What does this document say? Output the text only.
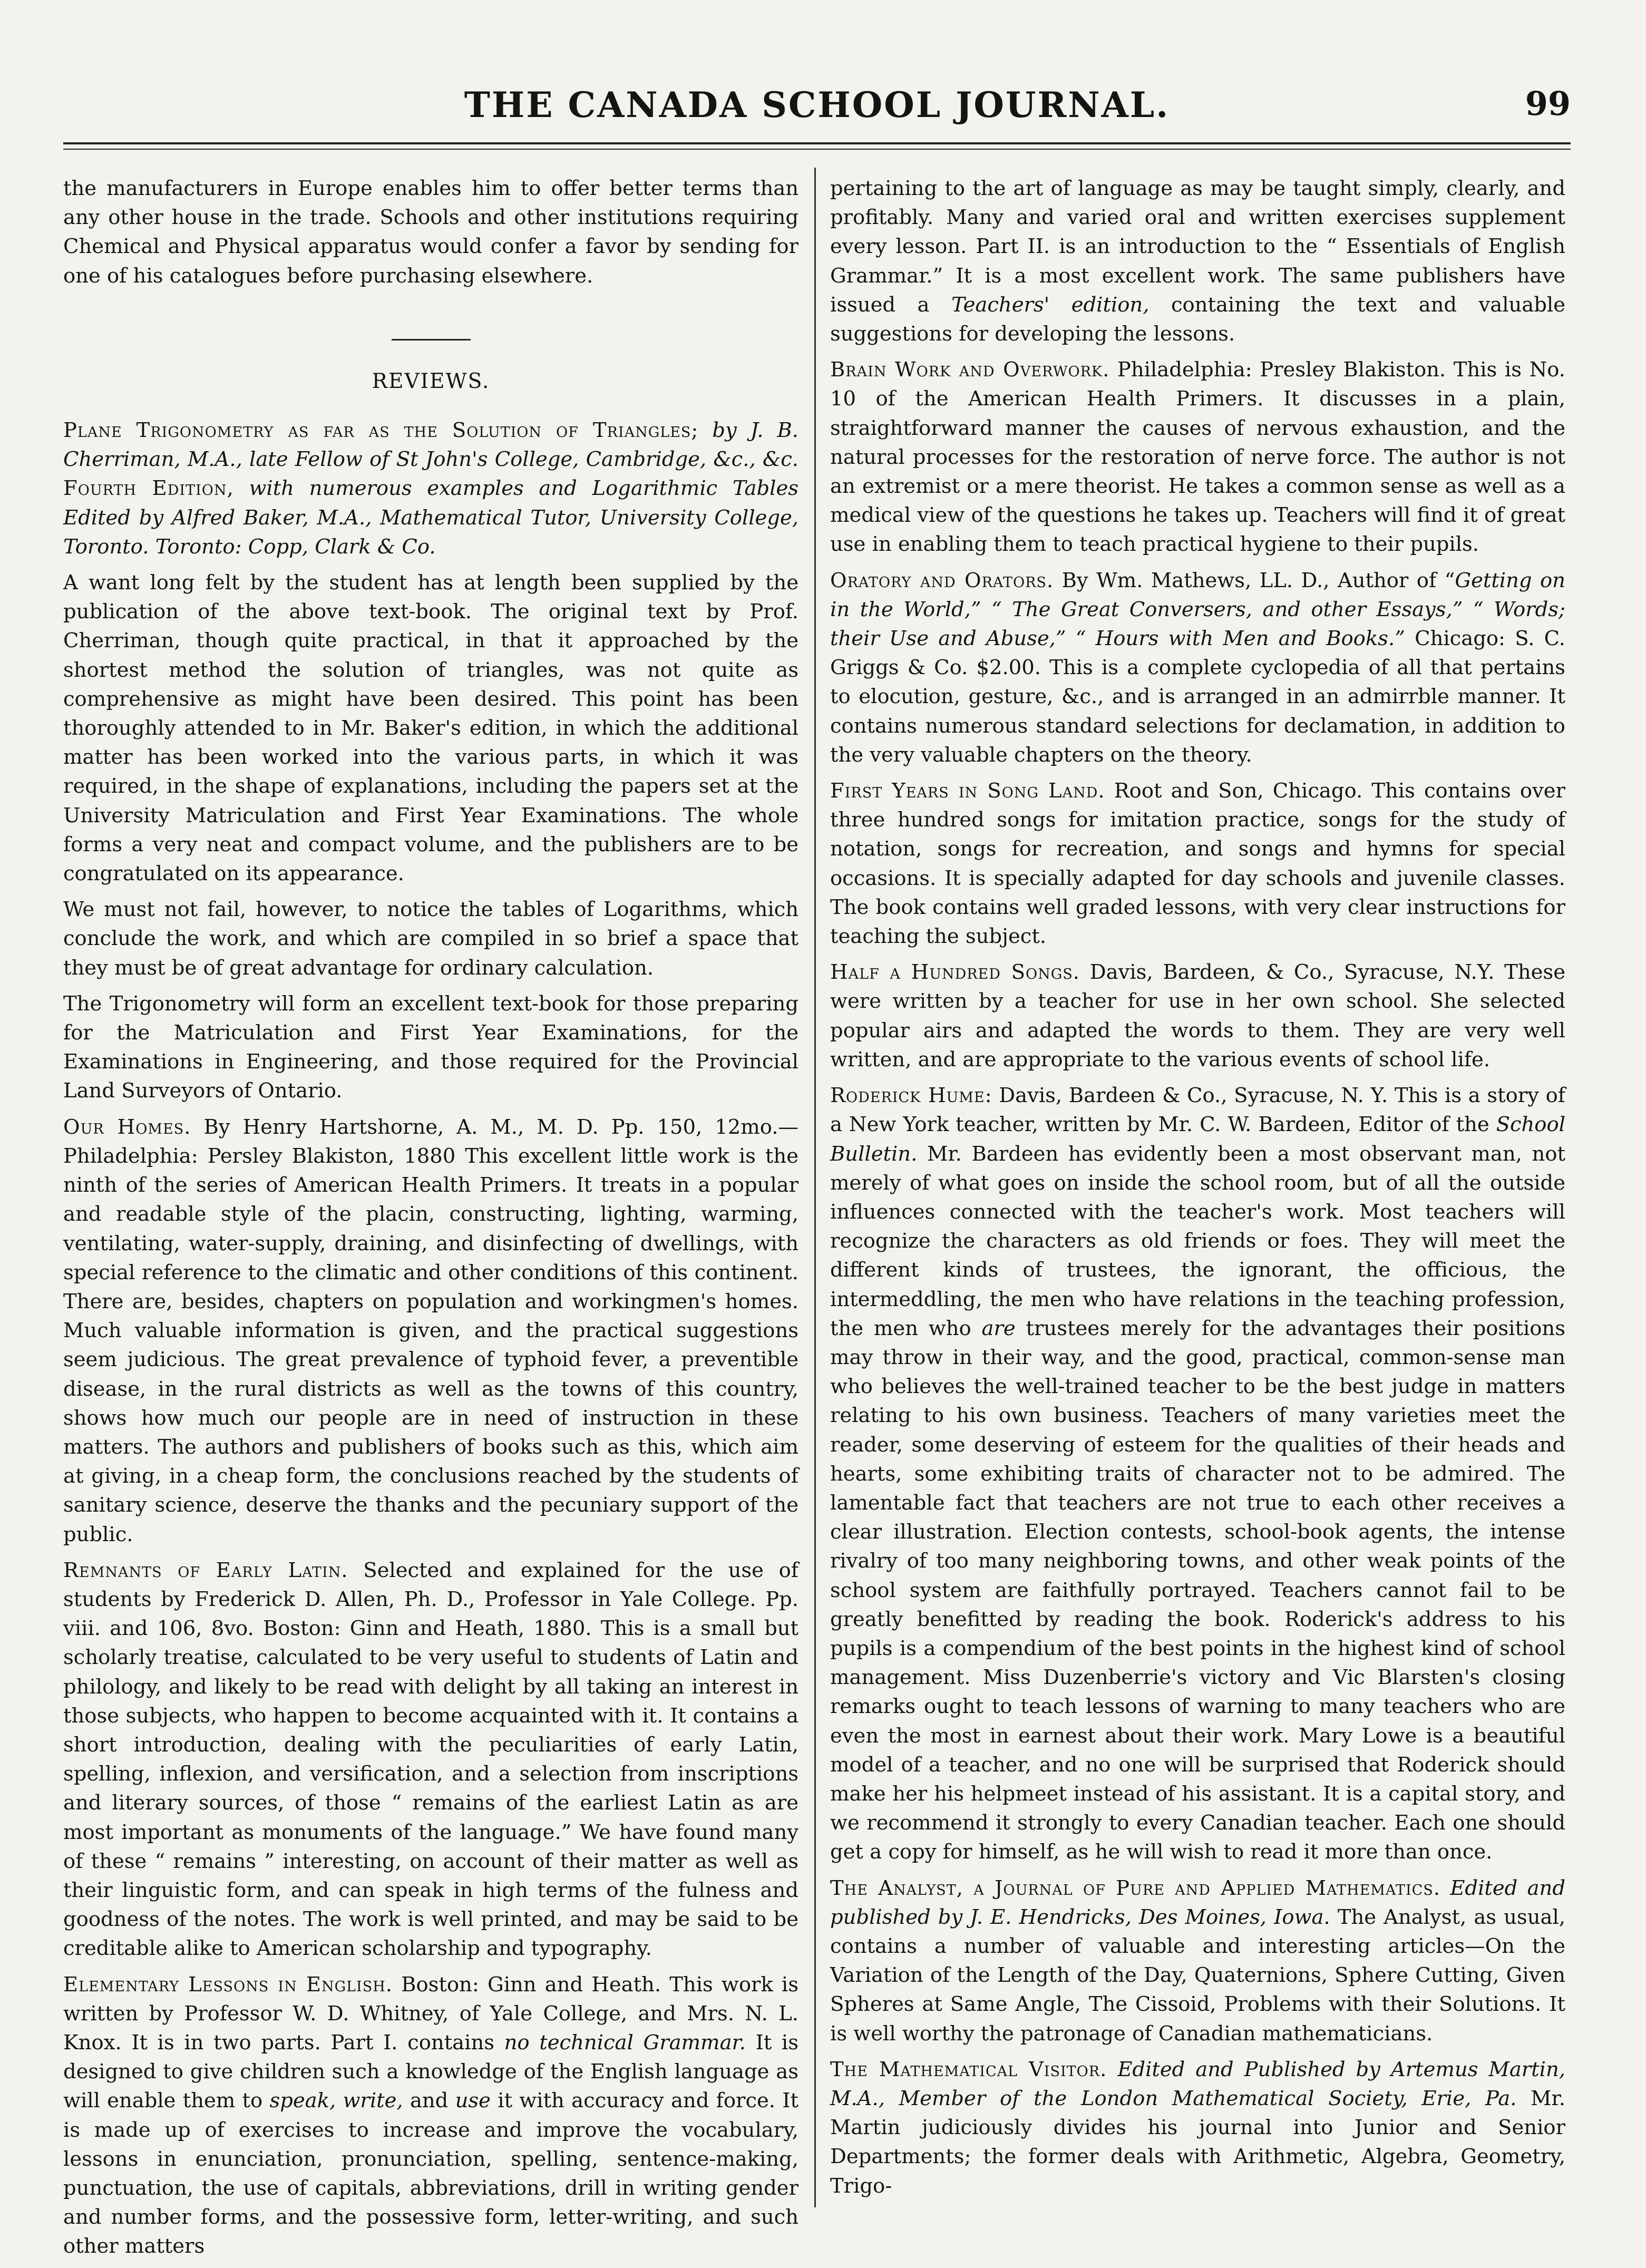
THE CANADA SCHOOL JOURNAL.	99

the manufacturers in Europe enables him to offer better terms than any other house in the trade. Schools and other institutions requiring Chemical and Physical apparatus would confer a favor by sending for one of his catalogues before purchasing elsewhere.

REVIEWS.

Plane Trigonometry as far as the Solution of Triangles; by J. B. Cherriman, M.A., late Fellow of St John's College, Cambridge, &c., &c. Fourth Edition, with numerous examples and Logarithmic Tables Edited by Alfred Baker, M.A., Mathematical Tutor, University College, Toronto. Toronto: Copp, Clark & Co.

A want long felt by the student has at length been supplied by the publication of the above text-book. The original text by Prof. Cherriman, though quite practical, in that it approached by the shortest method the solution of triangles, was not quite as comprehensive as might have been desired. This point has been thoroughly attended to in Mr. Baker's edition, in which the additional matter has been worked into the various parts, in which it was required, in the shape of explanations, including the papers set at the University Matriculation and First Year Examinations. The whole forms a very neat and compact volume, and the publishers are to be congratulated on its appearance.

We must not fail, however, to notice the tables of Logarithms, which conclude the work, and which are compiled in so brief a space that they must be of great advantage for ordinary calculation.

The Trigonometry will form an excellent text-book for those preparing for the Matriculation and First Year Examinations, for the Examinations in Engineering, and those required for the Provincial Land Surveyors of Ontario.

Our Homes. By Henry Hartshorne, A. M., M. D. Pp. 150, 12mo.—Philadelphia: Persley Blakiston, 1880 This excellent little work is the ninth of the series of American Health Primers. It treats in a popular and readable style of the placin, constructing, lighting, warming, ventilating, water-supply, draining, and disinfecting of dwellings, with special reference to the climatic and other conditions of this continent. There are, besides, chapters on population and workingmen's homes. Much valuable information is given, and the practical suggestions seem judicious. The great prevalence of typhoid fever, a preventible disease, in the rural districts as well as the towns of this country, shows how much our people are in need of instruction in these matters. The authors and publishers of books such as this, which aim at giving, in a cheap form, the conclusions reached by the students of sanitary science, deserve the thanks and the pecuniary support of the public.

Remnants of Early Latin. Selected and explained for the use of students by Frederick D. Allen, Ph. D., Professor in Yale College. Pp. viii. and 106, 8vo. Boston: Ginn and Heath, 1880. This is a small but scholarly treatise, calculated to be very useful to students of Latin and philology, and likely to be read with delight by all taking an interest in those subjects, who happen to become acquainted with it. It contains a short introduction, dealing with the peculiarities of early Latin, spelling, inflexion, and versification, and a selection from inscriptions and literary sources, of those “ remains of the earliest Latin as are most important as monuments of the language.” We have found many of these “ remains ” interesting, on account of their matter as well as their linguistic form, and can speak in high terms of the fulness and goodness of the notes. The work is well printed, and may be said to be creditable alike to American scholarship and typography.

Elementary Lessons in English. Boston: Ginn and Heath. This work is written by Professor W. D. Whitney, of Yale College, and Mrs. N. L. Knox. It is in two parts. Part I. contains no technical Grammar. It is designed to give children such a knowledge of the English language as will enable them to speak, write, and use it with accuracy and force. It is made up of exercises to increase and improve the vocabulary, lessons in enunciation, pronunciation, spelling, sentence-making, punctuation, the use of capitals, abbreviations, drill in writing gender and number forms, and the possessive form, letter-writing, and such other matters

pertaining to the art of language as may be taught simply, clearly, and profitably. Many and varied oral and written exercises supplement every lesson. Part II. is an introduction to the “ Essentials of English Grammar.” It is a most excellent work. The same publishers have issued a Teachers' edition, containing the text and valuable suggestions for developing the lessons.

Brain Work and Overwork. Philadelphia: Presley Blakiston. This is No. 10 of the American Health Primers. It discusses in a plain, straightforward manner the causes of nervous exhaustion, and the natural processes for the restoration of nerve force. The author is not an extremist or a mere theorist. He takes a common sense as well as a medical view of the questions he takes up. Teachers will find it of great use in enabling them to teach practical hygiene to their pupils.

Oratory and Orators. By Wm. Mathews, LL. D., Author of “Getting on in the World,” “ The Great Conversers, and other Essays,” “ Words; their Use and Abuse,” “ Hours with Men and Books.” Chicago: S. C. Griggs & Co. $2.00. This is a complete cyclopedia of all that pertains to elocution, gesture, &c., and is arranged in an admirrble manner. It contains numerous standard selections for declamation, in addition to the very valuable chapters on the theory.

First Years in Song Land. Root and Son, Chicago. This contains over three hundred songs for imitation practice, songs for the study of notation, songs for recreation, and songs and hymns for special occasions. It is specially adapted for day schools and juvenile classes. The book contains well graded lessons, with very clear instructions for teaching the subject.

Half a Hundred Songs. Davis, Bardeen, & Co., Syracuse, N.Y. These were written by a teacher for use in her own school. She selected popular airs and adapted the words to them. They are very well written, and are appropriate to the various events of school life.

Roderick Hume: Davis, Bardeen & Co., Syracuse, N. Y. This is a story of a New York teacher, written by Mr. C. W. Bardeen, Editor of the School Bulletin. Mr. Bardeen has evidently been a most observant man, not merely of what goes on inside the school room, but of all the outside influences connected with the teacher's work. Most teachers will recognize the characters as old friends or foes. They will meet the different kinds of trustees, the ignorant, the officious, the intermeddling, the men who have relations in the teaching profession, the men who are trustees merely for the advantages their positions may throw in their way, and the good, practical, common-sense man who believes the well-trained teacher to be the best judge in matters relating to his own business. Teachers of many varieties meet the reader, some deserving of esteem for the qualities of their heads and hearts, some exhibiting traits of character not to be admired. The lamentable fact that teachers are not true to each other receives a clear illustration. Election contests, school-book agents, the intense rivalry of too many neighboring towns, and other weak points of the school system are faithfully portrayed. Teachers cannot fail to be greatly benefitted by reading the book. Roderick's address to his pupils is a compendium of the best points in the highest kind of school management. Miss Duzenberrie's victory and Vic Blarsten's closing remarks ought to teach lessons of warning to many teachers who are even the most in earnest about their work. Mary Lowe is a beautiful model of a teacher, and no one will be surprised that Roderick should make her his helpmeet instead of his assistant. It is a capital story, and we recommend it strongly to every Canadian teacher. Each one should get a copy for himself, as he will wish to read it more than once.

The Analyst, a Journal of Pure and Applied Mathematics. Edited and published by J. E. Hendricks, Des Moines, Iowa. The Analyst, as usual, contains a number of valuable and interesting articles—On the Variation of the Length of the Day, Quaternions, Sphere Cutting, Given Spheres at Same Angle, The Cissoid, Problems with their Solutions. It is well worthy the patronage of Canadian mathematicians.

The Mathematical Visitor. Edited and Published by Artemus Martin, M.A., Member of the London Mathematical Society, Erie, Pa. Mr. Martin judiciously divides his journal into Junior and Senior Departments; the former deals with Arithmetic, Algebra, Geometry, Trigo-
